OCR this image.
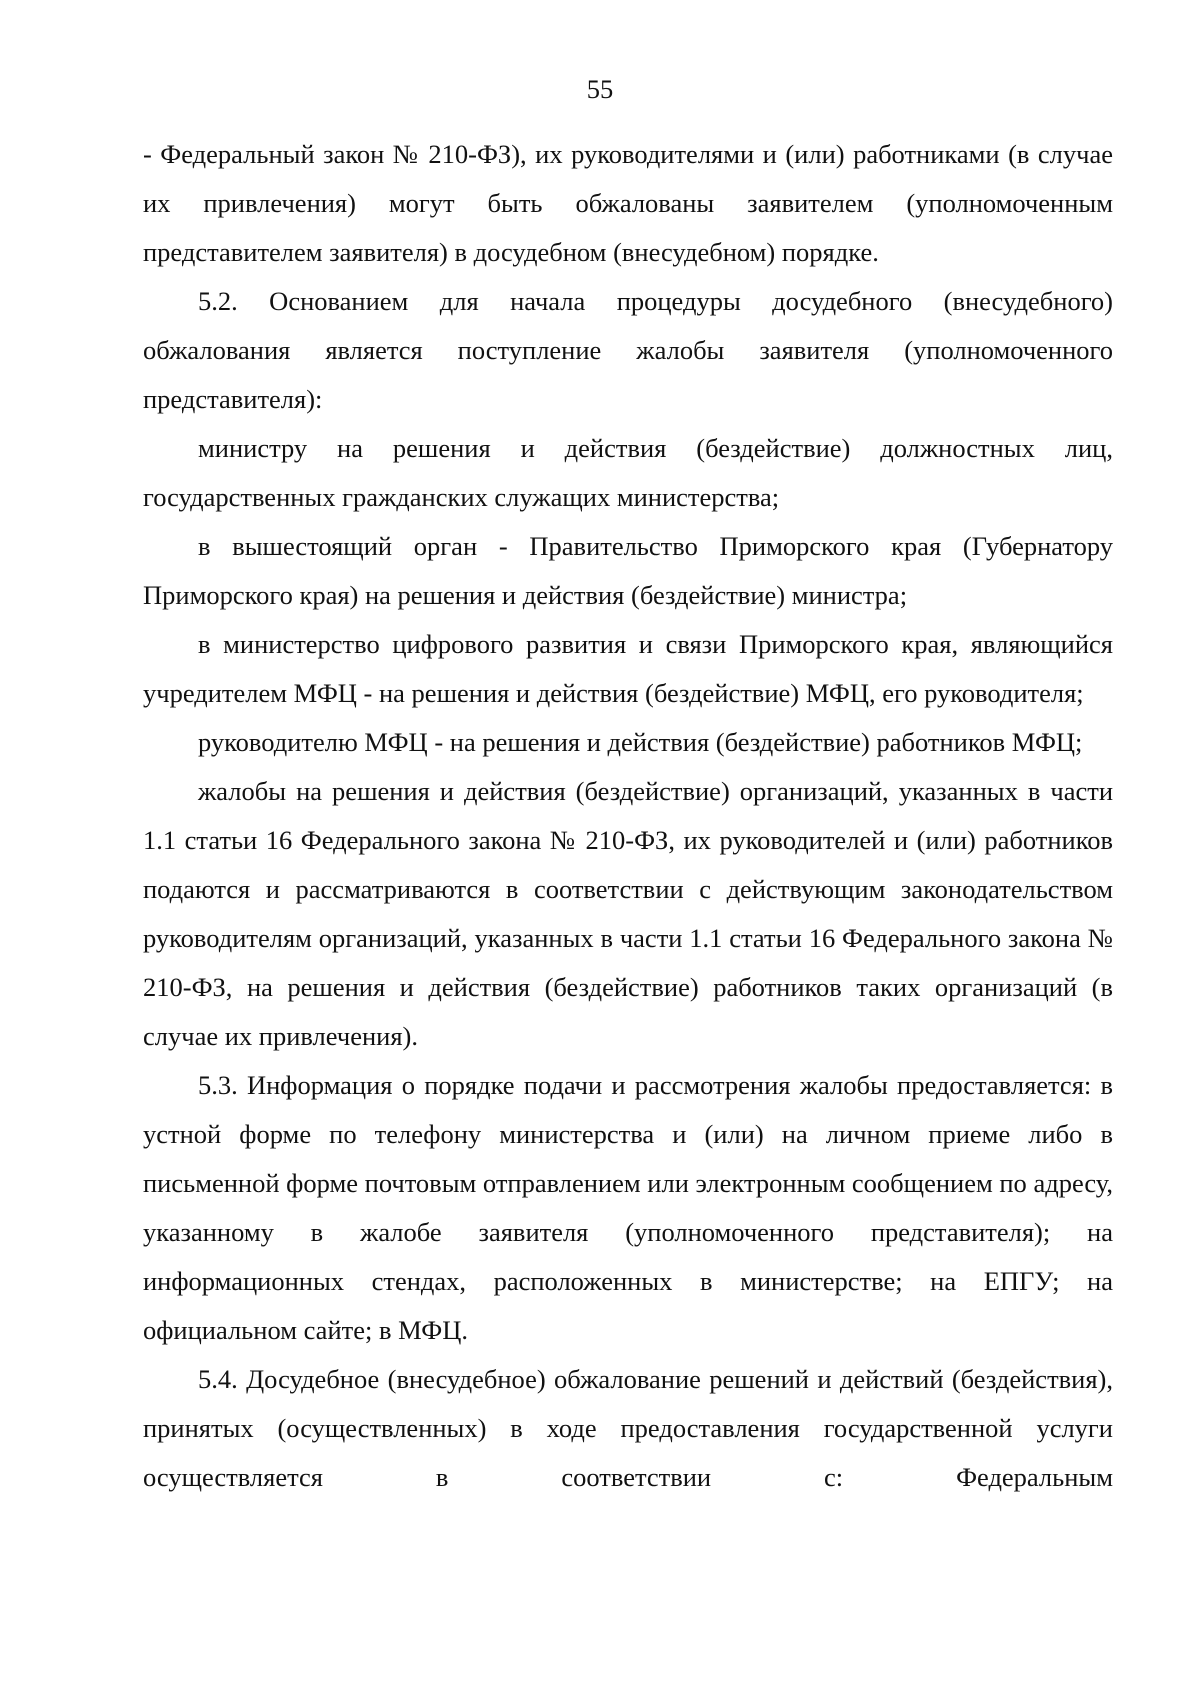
55

- Федеральный закон № 210-ФЗ), их руководителями и (или) работниками (в случае их привлечения) могут быть обжалованы заявителем (уполномоченным представителем заявителя) в досудебном (внесудебном) порядке.

5.2. Основанием для начала процедуры досудебного (внесудебного) обжалования является поступление жалобы заявителя (уполномоченного представителя):

министру на решения и действия (бездействие) должностных лиц, государственных гражданских служащих министерства;

в вышестоящий орган - Правительство Приморского края (Губернатору Приморского края) на решения и действия (бездействие) министра;

в министерство цифрового развития и связи Приморского края, являющийся учредителем МФЦ - на решения и действия (бездействие) МФЦ, его руководителя;

руководителю МФЦ - на решения и действия (бездействие) работников МФЦ;

жалобы на решения и действия (бездействие) организаций, указанных в части 1.1 статьи 16 Федерального закона № 210-ФЗ, их руководителей и (или) работников подаются и рассматриваются в соответствии с действующим законодательством руководителям организаций, указанных в части 1.1 статьи 16 Федерального закона № 210-ФЗ, на решения и действия (бездействие) работников таких организаций (в случае их привлечения).

5.3. Информация о порядке подачи и рассмотрения жалобы предоставляется: в устной форме по телефону министерства и (или) на личном приеме либо в письменной форме почтовым отправлением или электронным сообщением по адресу, указанному в жалобе заявителя (уполномоченного представителя); на информационных стендах, расположенных в министерстве; на ЕПГУ; на официальном сайте; в МФЦ.

5.4. Досудебное (внесудебное) обжалование решений и действий (бездействия), принятых (осуществленных) в ходе предоставления государственной услуги осуществляется в соответствии с: Федеральным
